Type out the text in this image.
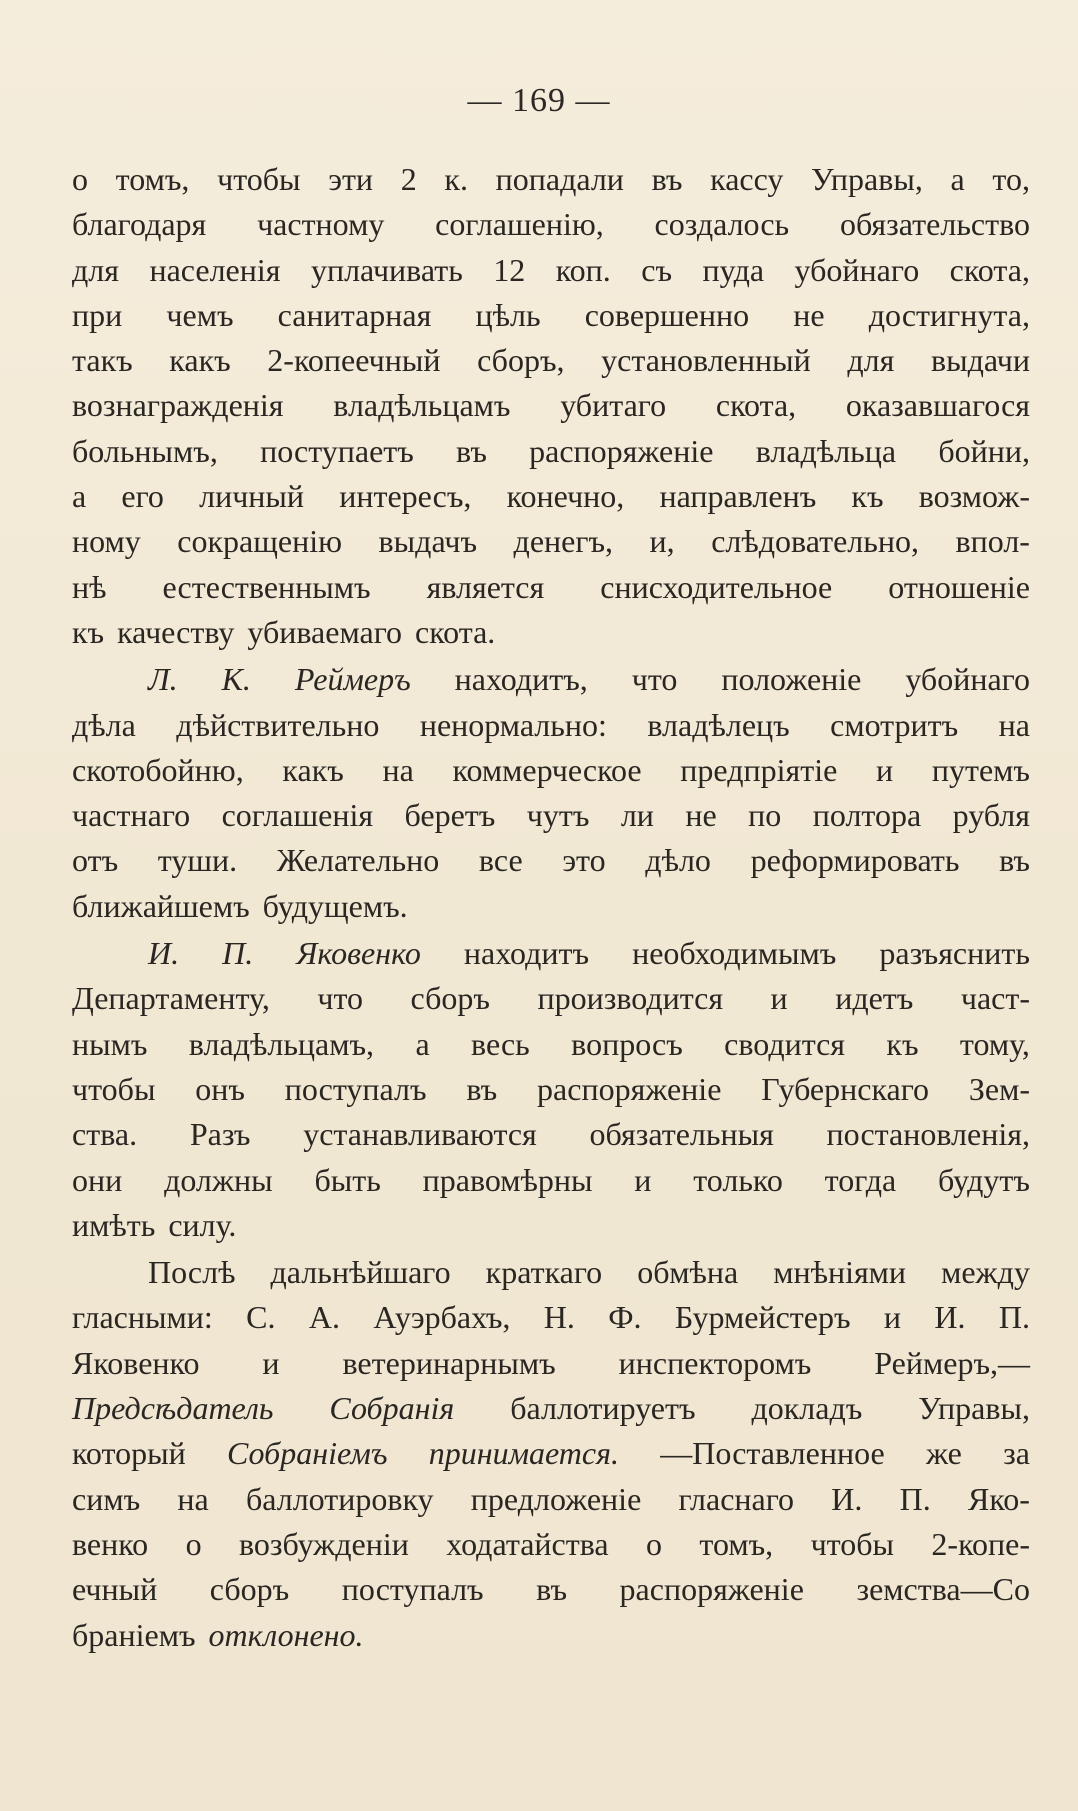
— 169 —
о томъ, чтобы эти 2 к. попадали въ кассу Управы, а то,
благодаря частному соглашенію, создалось обязательство
для населенія уплачивать 12 коп. съ пуда убойнаго скота,
при чемъ санитарная цѣль совершенно не достигнута,
такъ какъ 2-копеечный сборъ, установленный для выдачи
вознагражденія владѣльцамъ убитаго скота, оказавшагося
больнымъ, поступаетъ въ распоряженіе владѣльца бойни,
а его личный интересъ, конечно, направленъ къ возмож-
ному сокращенію выдачъ денегъ, и, слѣдовательно, впол-
нѣ естественнымъ является снисходительное отношеніе
къ качеству убиваемаго скота.
Л. К. Реймеръ находитъ, что положеніе убойнаго
дѣла дѣйствительно ненормально: владѣлецъ смотритъ на
скотобойню, какъ на коммерческое предпріятіе и путемъ
частнаго соглашенія беретъ чутъ ли не по полтора рубля
отъ туши. Желательно все это дѣло реформировать въ
ближайшемъ будущемъ.
И. П. Яковенко находитъ необходимымъ разъяснить
Департаменту, что сборъ производится и идетъ част-
нымъ владѣльцамъ, а весь вопросъ сводится къ тому,
чтобы онъ поступалъ въ распоряженіе Губернскаго Зем-
ства. Разъ устанавливаются обязательныя постановленія,
они должны быть правомѣрны и только тогда будутъ
имѣть силу.
Послѣ дальнѣйшаго краткаго обмѣна мнѣніями между
гласными: С. А. Ауэрбахъ, Н. Ф. Бурмейстеръ и И. П.
Яковенко и ветеринарнымъ инспекторомъ Реймеръ,—
Предсѣдатель Собранія баллотируетъ докладъ Управы,
который Собраніемъ принимается. —Поставленное же за
симъ на баллотировку предложеніе гласнаго И. П. Яко-
венко о возбужденіи ходатайства о томъ, чтобы 2-копе-
ечный сборъ поступалъ въ распоряженіе земства—Со
браніемъ отклонено.
